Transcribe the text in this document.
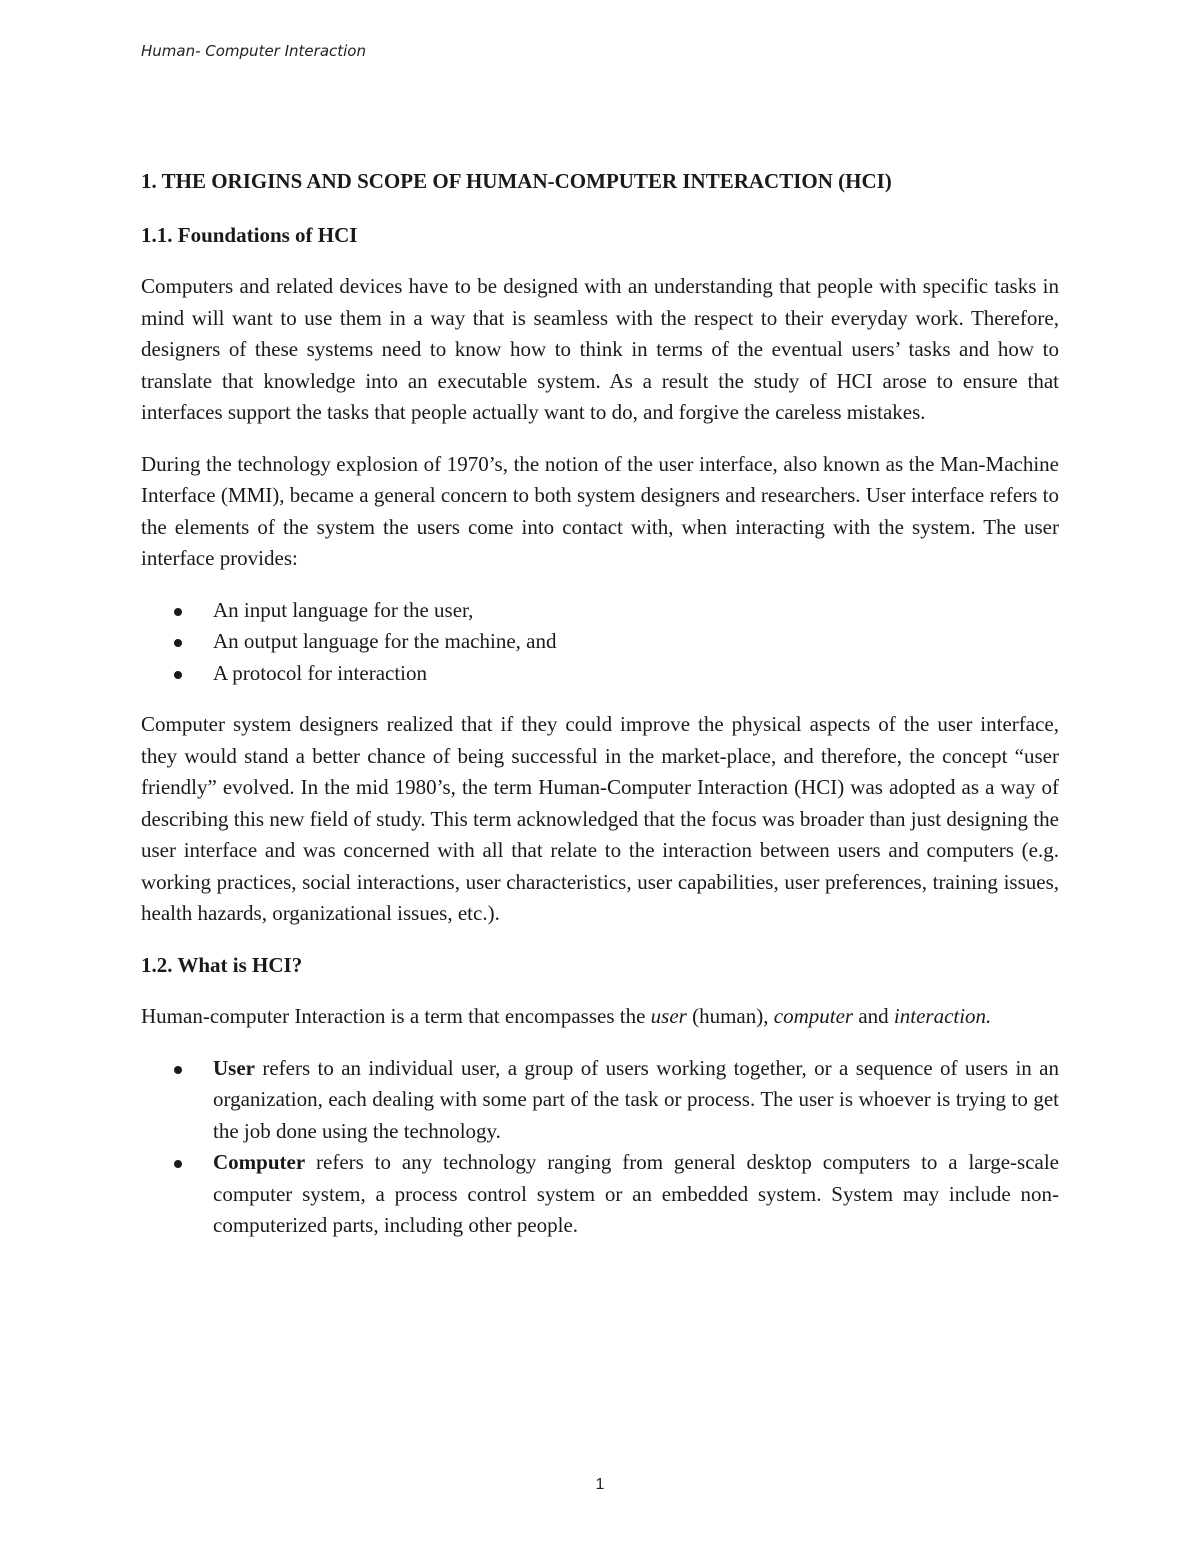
Human- Computer Interaction
1. THE ORIGINS AND SCOPE OF HUMAN-COMPUTER INTERACTION (HCI)
1.1. Foundations of HCI

Computers and related devices have to be designed with an understanding that people with specific tasks in mind will want to use them in a way that is seamless with the respect to their everyday work. Therefore, designers of these systems need to know how to think in terms of the eventual users’ tasks and how to translate that knowledge into an executable system. As a result the study of HCI arose to ensure that interfaces support the tasks that people actually want to do, and forgive the careless mistakes.

During the technology explosion of 1970’s, the notion of the user interface, also known as the Man-Machine Interface (MMI), became a general concern to both system designers and researchers. User interface refers to the elements of the system the users come into contact with, when interacting with the system. The user interface provides:

An input language for the user,
An output language for the machine, and
A protocol for interaction

Computer system designers realized that if they could improve the physical aspects of the user interface, they would stand a better chance of being successful in the market-place, and therefore, the concept “user friendly” evolved. In the mid 1980’s, the term Human-Computer Interaction (HCI) was adopted as a way of describing this new field of study. This term acknowledged that the focus was broader than just designing the user interface and was concerned with all that relate to the interaction between users and computers (e.g. working practices, social interactions, user characteristics, user capabilities, user preferences, training issues, health hazards, organizational issues, etc.).

1.2. What is HCI?

Human-computer Interaction is a term that encompasses the user (human), computer and interaction.

User refers to an individual user, a group of users working together, or a sequence of users in an organization, each dealing with some part of the task or process. The user is whoever is trying to get the job done using the technology.
Computer refers to any technology ranging from general desktop computers to a large-scale computer system, a process control system or an embedded system. System may include non-computerized parts, including other people.
1
